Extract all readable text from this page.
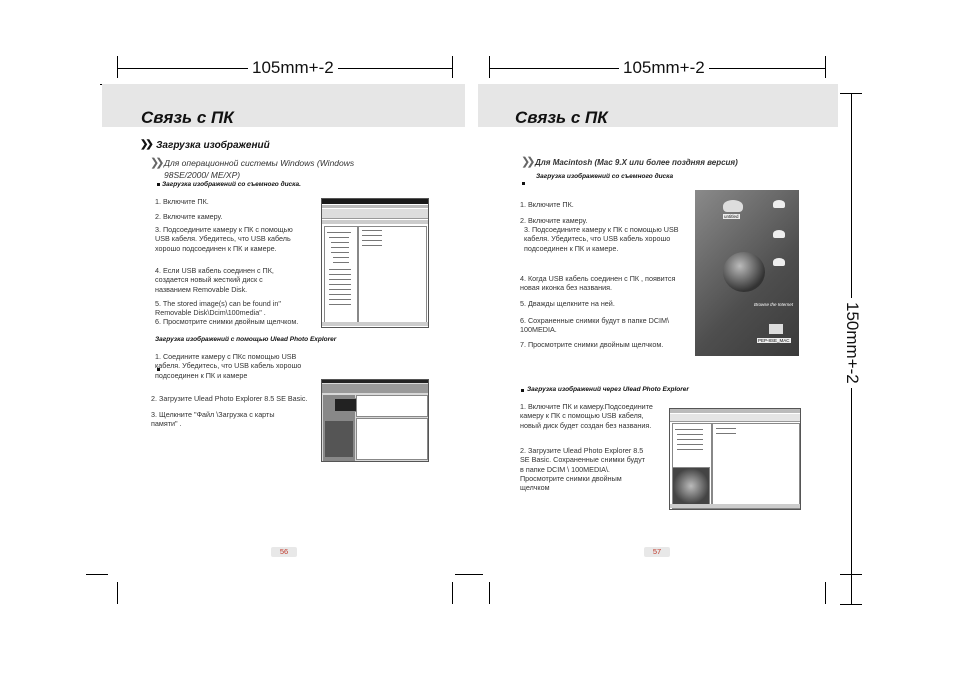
105mm+-2	105mm+-2
150mm+-2
Связь с ПК
❯❯ Загрузка изображений
❯❯ Для операционной системы Windows (Windows 98SE/2000/ ME/XP)
Загрузка изображений со съемного диска.
1. Включите ПК.
2. Включите камеру.
3. Подсоедините камеру к ПК с помощью USB кабеля. Убедитесь, что USB кабель хорошо подсоединен к ПК и камере.
4. Если USB кабель соединен с ПК, создается новый жесткий диск с названием Removable Disk.
5. The stored image(s) can be found in" Removable Disk\Dcim\100media" .
6. Просмотрите снимки двойным щелчком.
Загрузка изображений с помощью Ulead Photo Explorer
1. Соедините камеру с ПКс помощью USB кабеля. Убедитесь, что USB кабель хорошо подсоединен к ПК и камере
2. Загрузите Ulead Photo Explorer 8.5 SE Basic.
3. Щелкните "Файл \Загрузка с карты памяти" .
56
Связь с ПК
❯❯ Для Macintosh (Mac 9.X или более поздняя версия)
Загрузка изображений со съемного диска
1. Включите ПК.
2. Включите камеру.
3. Подсоедините камеру к ПК с помощью USB кабеля. Убедитесь, что USB кабель хорошо подсоединен к ПК и камере.
4. Когда USB кабель соединен с ПК , появится новая иконка без названия.
5. Дважды щелкните на ней.
6. Сохраненные снимки будут в папке DCIM\ 100MEDIA.
7. Просмотрите снимки двойным щелчком.
untitled
Browse the Internet
PEP-8SE_MAC
Загрузка изображений через Ulead Photo Explorer
1. Включите ПК и камеру.Подсоедините камеру к ПК с помощью USB кабеля, новый диск будет создан без названия.
2. Загрузите Ulead Photo Explorer 8.5 SE Basic. Сохраненные снимки будут в папке DCIM \ 100MEDIA\. Просмотрите снимки двойным щелчком
57
